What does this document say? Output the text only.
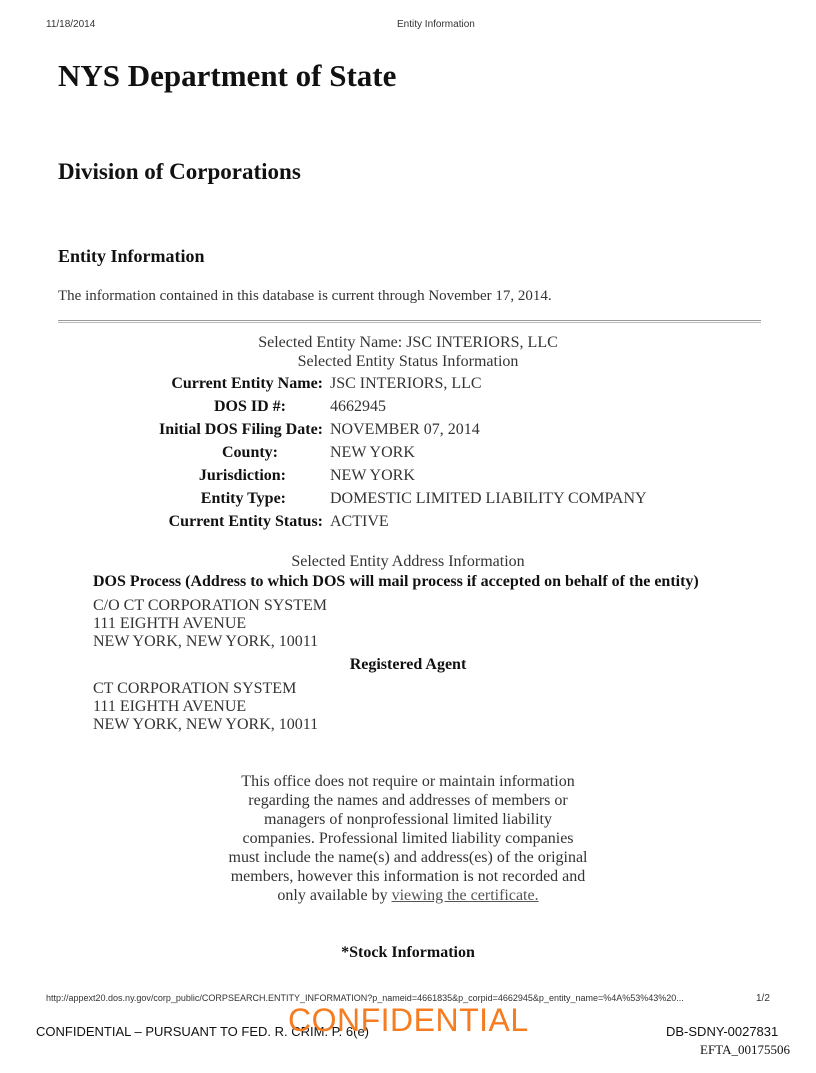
11/18/2014	Entity Information
NYS Department of State
Division of Corporations
Entity Information
The information contained in this database is current through November 17, 2014.
Selected Entity Name: JSC INTERIORS, LLC
Selected Entity Status Information
Current Entity Name: JSC INTERIORS, LLC
DOS ID #:	4662945
Initial DOS Filing Date: NOVEMBER 07, 2014
County:	NEW YORK
Jurisdiction:	NEW YORK
Entity Type:	DOMESTIC LIMITED LIABILITY COMPANY
Current Entity Status: ACTIVE
Selected Entity Address Information
DOS Process (Address to which DOS will mail process if accepted on behalf of the entity)
C/O CT CORPORATION SYSTEM
111 EIGHTH AVENUE
NEW YORK, NEW YORK, 10011
Registered Agent
CT CORPORATION SYSTEM
111 EIGHTH AVENUE
NEW YORK, NEW YORK, 10011
This office does not require or maintain information regarding the names and addresses of members or managers of nonprofessional limited liability companies. Professional limited liability companies must include the name(s) and address(es) of the original members, however this information is not recorded and only available by viewing the certificate.
*Stock Information
http://appext20.dos.ny.gov/corp_public/CORPSEARCH.ENTITY_INFORMATION?p_nameid=4661835&p_corpid=4662945&p_entity_name=%4A%53%43%20...	1/2
CONFIDENTIAL – PURSUANT TO FED. R. CRIM. P. 6(e)
CONFIDENTIAL	DB-SDNY-0027831
EFTA_00175506
